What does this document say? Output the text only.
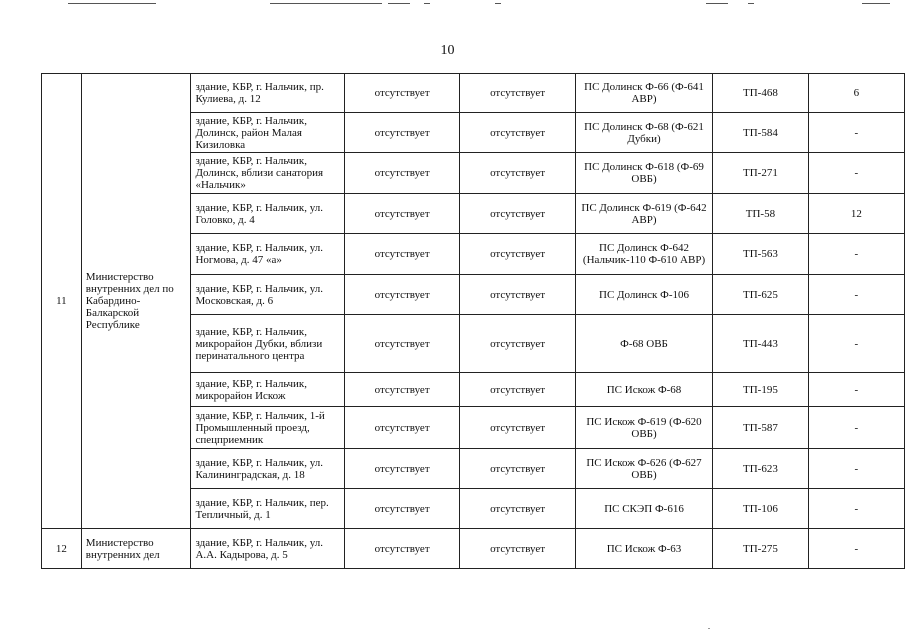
10
11	Министерство внутренних дел по Кабардино-Балкарской Республике	здание, КБР, г. Нальчик, пр. Кулиева, д. 12	отсутствует	отсутствует	ПС Долинск Ф-66 (Ф-641 АВР)	ТП-468	6
		здание, КБР, г. Нальчик, Долинск, район Малая Кизиловка	отсутствует	отсутствует	ПС Долинск Ф-68 (Ф-621 Дубки)	ТП-584	-
		здание, КБР, г. Нальчик, Долинск, вблизи санатория «Нальчик»	отсутствует	отсутствует	ПС Долинск Ф-618 (Ф-69 ОВБ)	ТП-271	-
		здание, КБР, г. Нальчик, ул. Головко, д. 4	отсутствует	отсутствует	ПС Долинск Ф-619 (Ф-642 АВР)	ТП-58	12
		здание, КБР, г. Нальчик, ул. Ногмова, д. 47 «а»	отсутствует	отсутствует	ПС Долинск Ф-642 (Нальчик-110 Ф-610 АВР)	ТП-563	-
		здание, КБР, г. Нальчик, ул. Московская, д. 6	отсутствует	отсутствует	ПС Долинск Ф-106	ТП-625	-
		здание, КБР, г. Нальчик, микрорайон Дубки, вблизи перинатального центра	отсутствует	отсутствует	Ф-68 ОВБ	ТП-443	-
		здание, КБР, г. Нальчик, микрорайон Искож	отсутствует	отсутствует	ПС Искож Ф-68	ТП-195	-
		здание, КБР, г. Нальчик, 1-й Промышленный проезд, спецприемник	отсутствует	отсутствует	ПС Искож Ф-619 (Ф-620 ОВБ)	ТП-587	-
		здание, КБР, г. Нальчик, ул. Калининградская, д. 18	отсутствует	отсутствует	ПС Искож Ф-626 (Ф-627 ОВБ)	ТП-623	-
		здание, КБР, г. Нальчик, пер. Тепличный, д. 1	отсутствует	отсутствует	ПС СКЭП Ф-616	ТП-106	-
12	Министерство внутренних дел	здание, КБР, г. Нальчик, ул. А.А. Кадырова, д. 5	отсутствует	отсутствует	ПС Искож Ф-63	ТП-275	-
